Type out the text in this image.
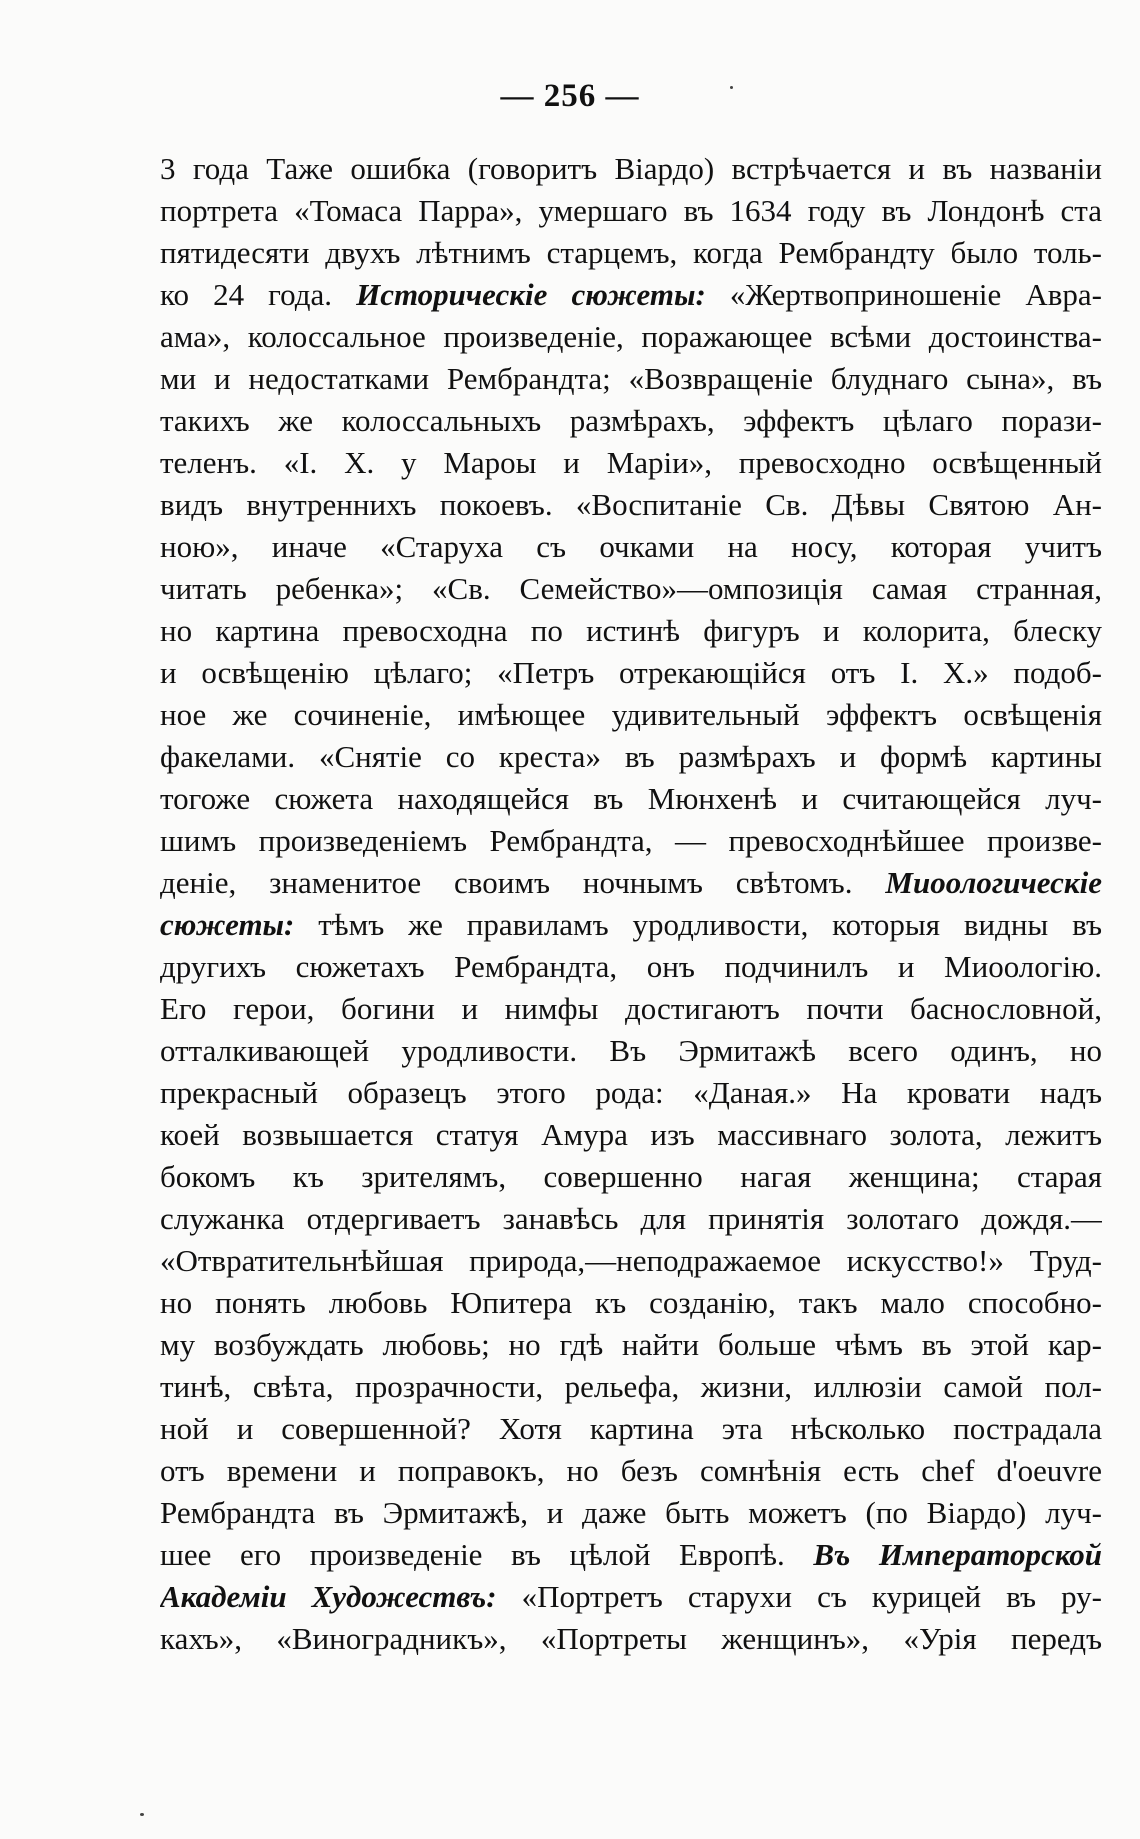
— 256 —
3 года Таже ошибка (говоритъ Віардо) встрѣчается и въ названіи
портрета «Томаса Парра», умершаго въ 1634 году въ Лондонѣ ста
пятидесяти двухъ лѣтнимъ старцемъ, когда Рембрандту было толь-
ко 24 года. Историческіе сюжеты: «Жертвоприношеніе Авра-
ама», колоссальное произведеніе, поражающее всѣми достоинства-
ми и недостатками Рембрандта; «Возвращеніе блуднаго сына», въ
такихъ же колоссальныхъ размѣрахъ, эффектъ цѣлаго порази-
теленъ. «І. Х. у Мароы и Маріи», превосходно освѣщенный
видъ внутреннихъ покоевъ. «Воспитаніе Св. Дѣвы Святою Ан-
ною», иначе «Старуха съ очками на носу, которая учитъ
читать ребенка»; «Св. Семейство»—омпозиція самая странная,
но картина превосходна по истинѣ фигуръ и колорита, блеску
и освѣщенію цѣлаго; «Петръ отрекающійся отъ І. Х.» подоб-
ное же сочиненіе, имѣющее удивительный эффектъ освѣщенія
факелами. «Снятіе со креста» въ размѣрахъ и формѣ картины
тогоже сюжета находящейся въ Мюнхенѣ и считающейся луч-
шимъ произведеніемъ Рембрандта, — превосходнѣйшее произве-
деніе, знаменитое своимъ ночнымъ свѣтомъ. Миоологическіе
сюжеты: тѣмъ же правиламъ уродливости, которыя видны въ
другихъ сюжетахъ Рембрандта, онъ подчинилъ и Миоологію.
Его герои, богини и нимфы достигаютъ почти баснословной,
отталкивающей уродливости. Въ Эрмитажѣ всего одинъ, но
прекрасный образецъ этого рода: «Даная.» На кровати надъ
коей возвышается статуя Амура изъ массивнаго золота, лежитъ
бокомъ къ зрителямъ, совершенно нагая женщина; старая
служанка отдергиваетъ занавѣсь для принятія золотаго дождя.—
«Отвратительнѣйшая природа,—неподражаемое искусство!» Труд-
но понять любовь Юпитера къ созданію, такъ мало способно-
му возбуждать любовь; но гдѣ найти больше чѣмъ въ этой кар-
тинѣ, свѣта, прозрачности, рельефа, жизни, иллюзіи самой пол-
ной и совершенной? Хотя картина эта нѣсколько пострадала
отъ времени и поправокъ, но безъ сомнѣнія есть chef d'oeuvre
Рембрандта въ Эрмитажѣ, и даже быть можетъ (по Віардо) луч-
шее его произведеніе въ цѣлой Европѣ. Въ Императорской
Академіи Художествъ: «Портретъ старухи съ курицей въ ру-
кахъ», «Виноградникъ», «Портреты женщинъ», «Урія передъ
